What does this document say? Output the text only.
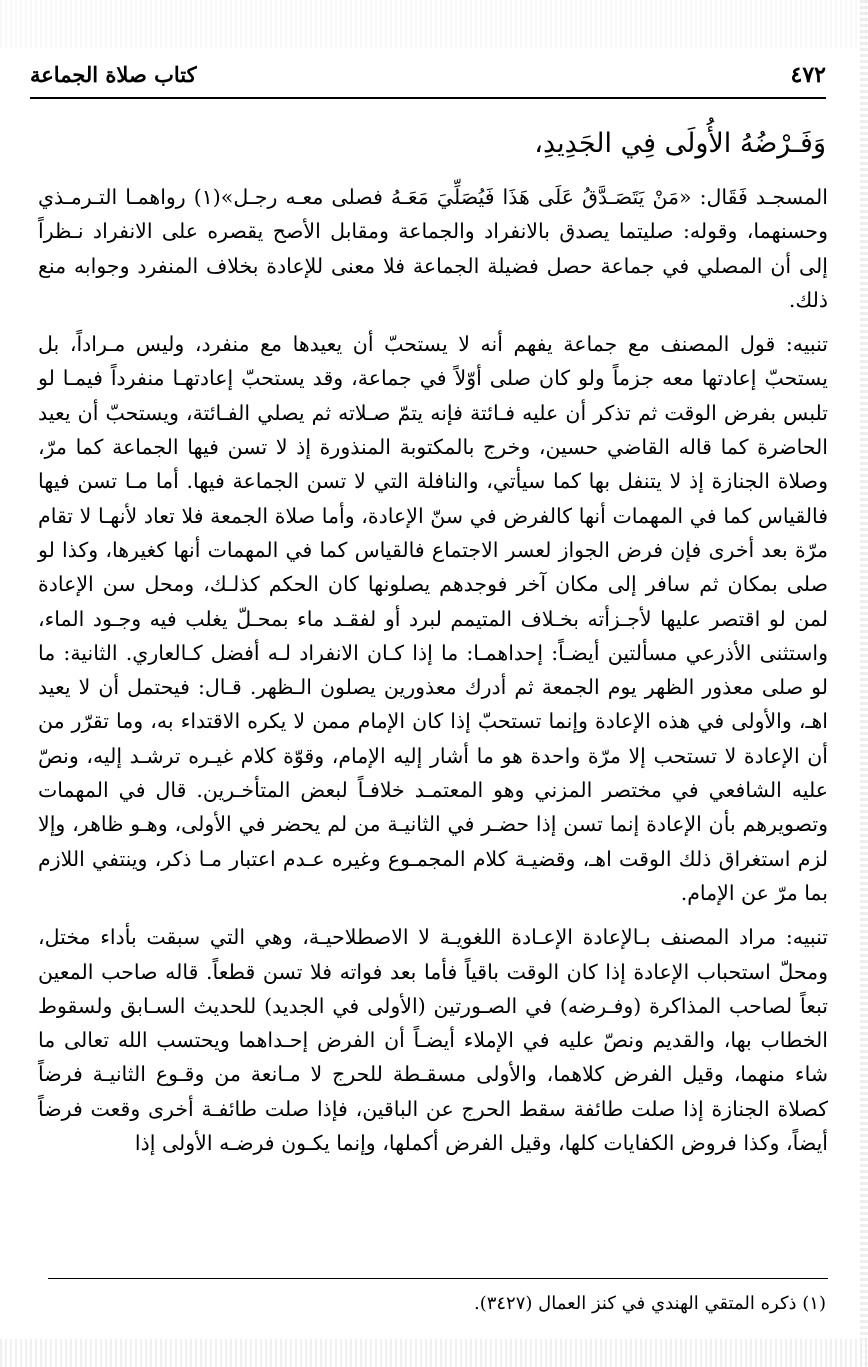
٤٧٢
كتاب صلاة الجماعة
وَفَـرْضُهُ الأُولَى فِي الجَدِيدِ،

المسجـد فَقَال: «مَنْ يَتَصَـدَّقُ عَلَى هَذَا فَيُصَلِّيَ مَعَـهُ فصلى معـه رجـل»(١) رواهمـا التـرمـذي وحسنهما، وقوله: صليتما يصدق بالانفراد والجماعة ومقابل الأصح يقصره على الانفراد نـظراً إلى أن المصلي في جماعة حصل فضيلة الجماعة فلا معنى للإعادة بخلاف المنفرد وجوابه منع ذلك.

تنبيه: قول المصنف مع جماعة يفهم أنه لا يستحبّ أن يعيدها مع منفرد، وليس مـراداً، بل يستحبّ إعادتها معه جزماً ولو كان صلى أوّلاً في جماعة، وقد يستحبّ إعادتهـا منفرداً فيمـا لو تلبس بفرض الوقت ثم تذكر أن عليه فـائتة فإنه يتمّ صـلاته ثم يصلي الفـائتة، ويستحبّ أن يعيد الحاضرة كما قاله القاضي حسين، وخرج بالمكتوبة المنذورة إذ لا تسن فيها الجماعة كما مرّ، وصلاة الجنازة إذ لا يتنفل بها كما سيأتي، والنافلة التي لا تسن الجماعة فيها. أما مـا تسن فيها فالقياس كما في المهمات أنها كالفرض في سنّ الإعادة، وأما صلاة الجمعة فلا تعاد لأنهـا لا تقام مرّة بعد أخرى فإن فرض الجواز لعسر الاجتماع فالقياس كما في المهمات أنها كغيرها، وكذا لو صلى بمكان ثم سافر إلى مكان آخر فوجدهم يصلونها كان الحكم كذلـك، ومحل سن الإعادة لمن لو اقتصر عليها لأجـزأته بخـلاف المتيمم لبرد أو لفقـد ماء بمحـلّ يغلب فيه وجـود الماء، واستثنى الأذرعي مسألتين أيضـاً: إحداهمـا: ما إذا كـان الانفراد لـه أفضل كـالعاري. الثانية: ما لو صلى معذور الظهر يوم الجمعة ثم أدرك معذورين يصلون الـظهر. قـال: فيحتمل أن لا يعيد اهـ، والأولى في هذه الإعادة وإنما تستحبّ إذا كان الإمام ممن لا يكره الاقتداء به، وما تقرّر من أن الإعادة لا تستحب إلا مرّة واحدة هو ما أشار إليه الإمام، وقوّة كلام غيـره ترشـد إليه، ونصّ عليه الشافعي في مختصر المزني وهو المعتمـد خلافـاً لبعض المتأخـرين. قال في المهمات وتصويرهم بأن الإعادة إنما تسن إذا حضـر في الثانيـة من لم يحضر في الأولى، وهـو ظاهر، وإلا لزم استغراق ذلك الوقت اهـ، وقضيـة كلام المجمـوع وغيره عـدم اعتبار مـا ذكر، وينتفي اللازم بما مرّ عن الإمام.

تنبيه: مراد المصنف بـالإعادة الإعـادة اللغويـة لا الاصطلاحيـة، وهي التي سبقت بأداء مختل، ومحلّ استحباب الإعادة إذا كان الوقت باقياً فأما بعد فواته فلا تسن قطعاً. قاله صاحب المعين تبعاً لصاحب المذاكرة (وفـرضه) في الصـورتين (الأولى في الجديد) للحديث السـابق ولسقوط الخطاب بها، والقديم ونصّ عليه في الإملاء أيضـاً أن الفرض إحـداهما ويحتسب الله تعالى ما شاء منهما، وقيل الفرض كلاهما، والأولى مسقـطة للحرج لا مـانعة من وقـوع الثانيـة فرضاً كصلاة الجنازة إذا صلت طائفة سقط الحرج عن الباقين، فإذا صلت طائفـة أخرى وقعت فرضاً أيضاً، وكذا فروض الكفايات كلها، وقيل الفرض أكملها، وإنما يكـون فرضـه الأولى إذا

(١) ذكره المتقي الهندي في كنز العمال (٣٤٢٧).
